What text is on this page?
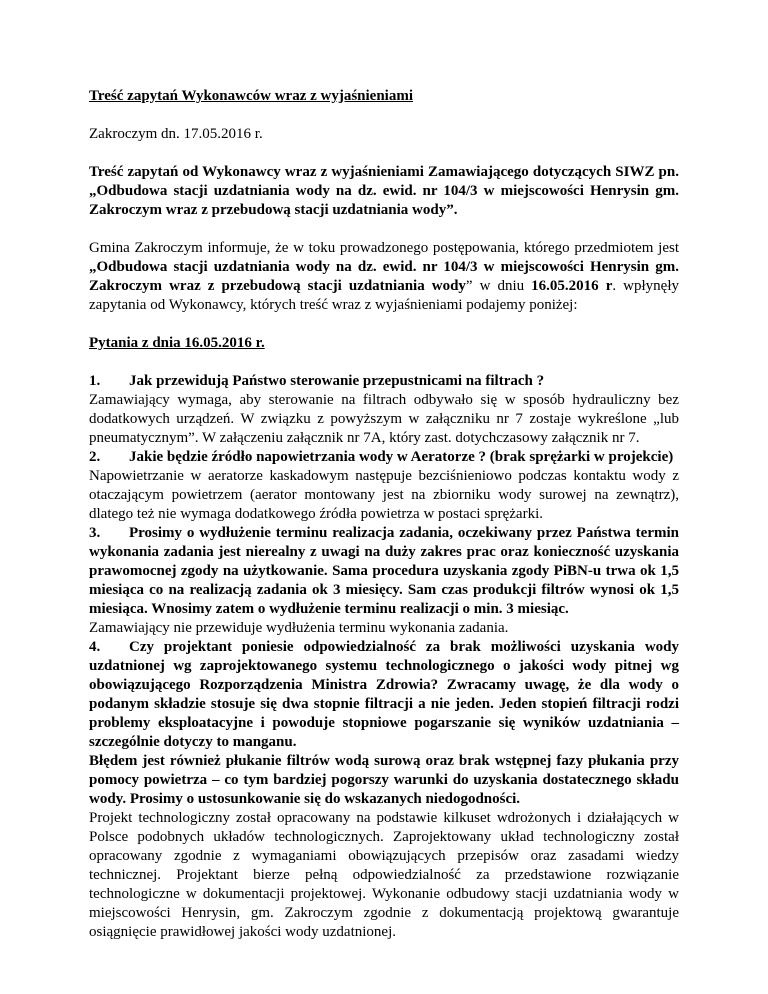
Treść zapytań Wykonawców wraz z wyjaśnieniami

Zakroczym dn. 17.05.2016 r.

Treść zapytań od Wykonawcy wraz z wyjaśnieniami Zamawiającego dotyczących SIWZ pn. „Odbudowa stacji uzdatniania wody na dz. ewid. nr 104/3 w miejscowości Henrysin gm. Zakroczym wraz z przebudową stacji uzdatniania wody”.

Gmina Zakroczym informuje, że w toku prowadzonego postępowania, którego przedmiotem jest „Odbudowa stacji uzdatniania wody na dz. ewid. nr 104/3 w miejscowości Henrysin gm. Zakroczym wraz z przebudową stacji uzdatniania wody” w dniu 16.05.2016 r. wpłynęły zapytania od Wykonawcy, których treść wraz z wyjaśnieniami podajemy poniżej:

Pytania z dnia 16.05.2016 r.

1. Jak przewidują Państwo sterowanie przepustnicami na filtrach ?

Zamawiający wymaga, aby sterowanie na filtrach odbywało się w sposób hydrauliczny bez dodatkowych urządzeń. W związku z powyższym w załączniku nr 7 zostaje wykreślone „lub pneumatycznym”. W załączeniu załącznik nr 7A, który zast. dotychczasowy załącznik nr 7.

2. Jakie będzie źródło napowietrzania wody w Aeratorze ? (brak sprężarki w projekcie)

Napowietrzanie w aeratorze kaskadowym następuje bezciśnieniowo podczas kontaktu wody z otaczającym powietrzem (aerator montowany jest na zbiorniku wody surowej na zewnątrz), dlatego też nie wymaga dodatkowego źródła powietrza w postaci sprężarki.

3. Prosimy o wydłużenie terminu realizacja zadania, oczekiwany przez Państwa termin wykonania zadania jest nierealny z uwagi na duży zakres prac oraz konieczność uzyskania prawomocnej zgody na użytkowanie. Sama procedura uzyskania zgody PiBN-u trwa ok 1,5 miesiąca co na realizacją zadania ok 3 miesięcy. Sam czas produkcji filtrów wynosi ok 1,5 miesiąca. Wnosimy zatem o wydłużenie terminu realizacji o min. 3 miesiąc.

Zamawiający nie przewiduje wydłużenia terminu wykonania zadania.

4. Czy projektant poniesie odpowiedzialność za brak możliwości uzyskania wody uzdatnionej wg zaprojektowanego systemu technologicznego o jakości wody pitnej wg obowiązującego Rozporządzenia Ministra Zdrowia? Zwracamy uwagę, że dla wody o podanym składzie stosuje się dwa stopnie filtracji a nie jeden. Jeden stopień filtracji rodzi problemy eksploatacyjne i powoduje stopniowe pogarszanie się wyników uzdatniania – szczególnie dotyczy to manganu.

Błędem jest również płukanie filtrów wodą surową oraz brak wstępnej fazy płukania przy pomocy powietrza – co tym bardziej pogorszy warunki do uzyskania dostatecznego składu wody. Prosimy o ustosunkowanie się do wskazanych niedogodności.

Projekt technologiczny został opracowany na podstawie kilkuset wdrożonych i działających w Polsce podobnych układów technologicznych. Zaprojektowany układ technologiczny został opracowany zgodnie z wymaganiami obowiązujących przepisów oraz zasadami wiedzy technicznej. Projektant bierze pełną odpowiedzialność za przedstawione rozwiązanie technologiczne w dokumentacji projektowej. Wykonanie odbudowy stacji uzdatniania wody w miejscowości Henrysin, gm. Zakroczym zgodnie z dokumentacją projektową gwarantuje osiągnięcie prawidłowej jakości wody uzdatnionej.
